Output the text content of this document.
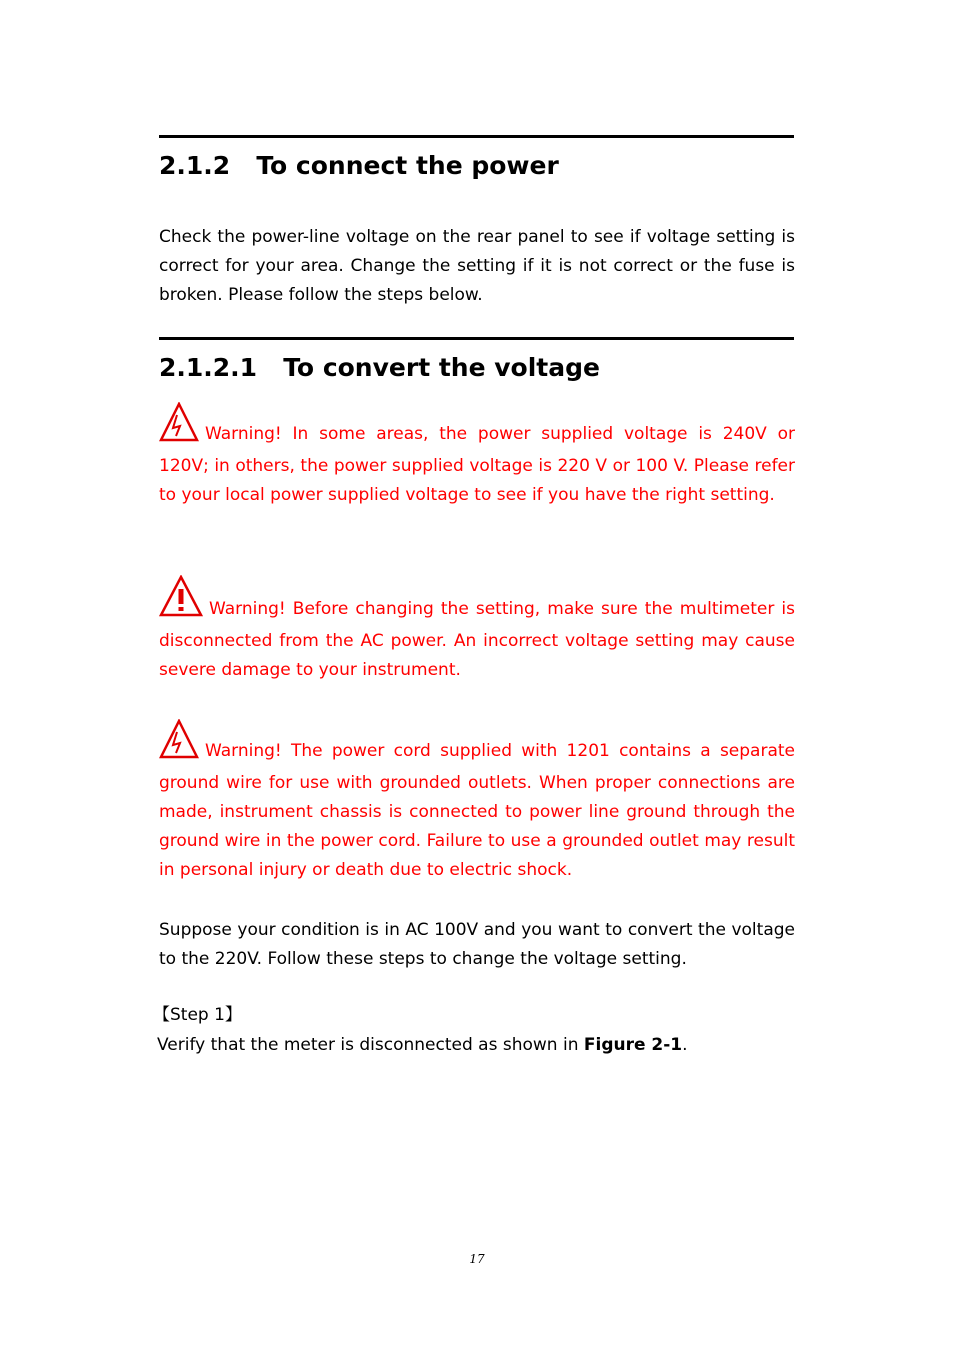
2.1.2 To connect the power

Check the power-line voltage on the rear panel to see if voltage setting is correct for your area. Change the setting if it is not correct or the fuse is broken. Please follow the steps below.

2.1.2.1 To convert the voltage
Warning! In some areas, the power supplied voltage is 240V or 120V; in others, the power supplied voltage is 220 V or 100 V. Please refer to your local power supplied voltage to see if you have the right setting.
Warning! Before changing the setting, make sure the multimeter is disconnected from the AC power. An incorrect voltage setting may cause severe damage to your instrument.
Warning! The power cord supplied with 1201 contains a separate ground wire for use with grounded outlets. When proper connections are made, instrument chassis is connected to power line ground through the ground wire in the power cord. Failure to use a grounded outlet may result in personal injury or death due to electric shock.

Suppose your condition is in AC 100V and you want to convert the voltage to the 220V. Follow these steps to change the voltage setting.

【Step 1】
Verify that the meter is disconnected as shown in Figure 2-1.
17
